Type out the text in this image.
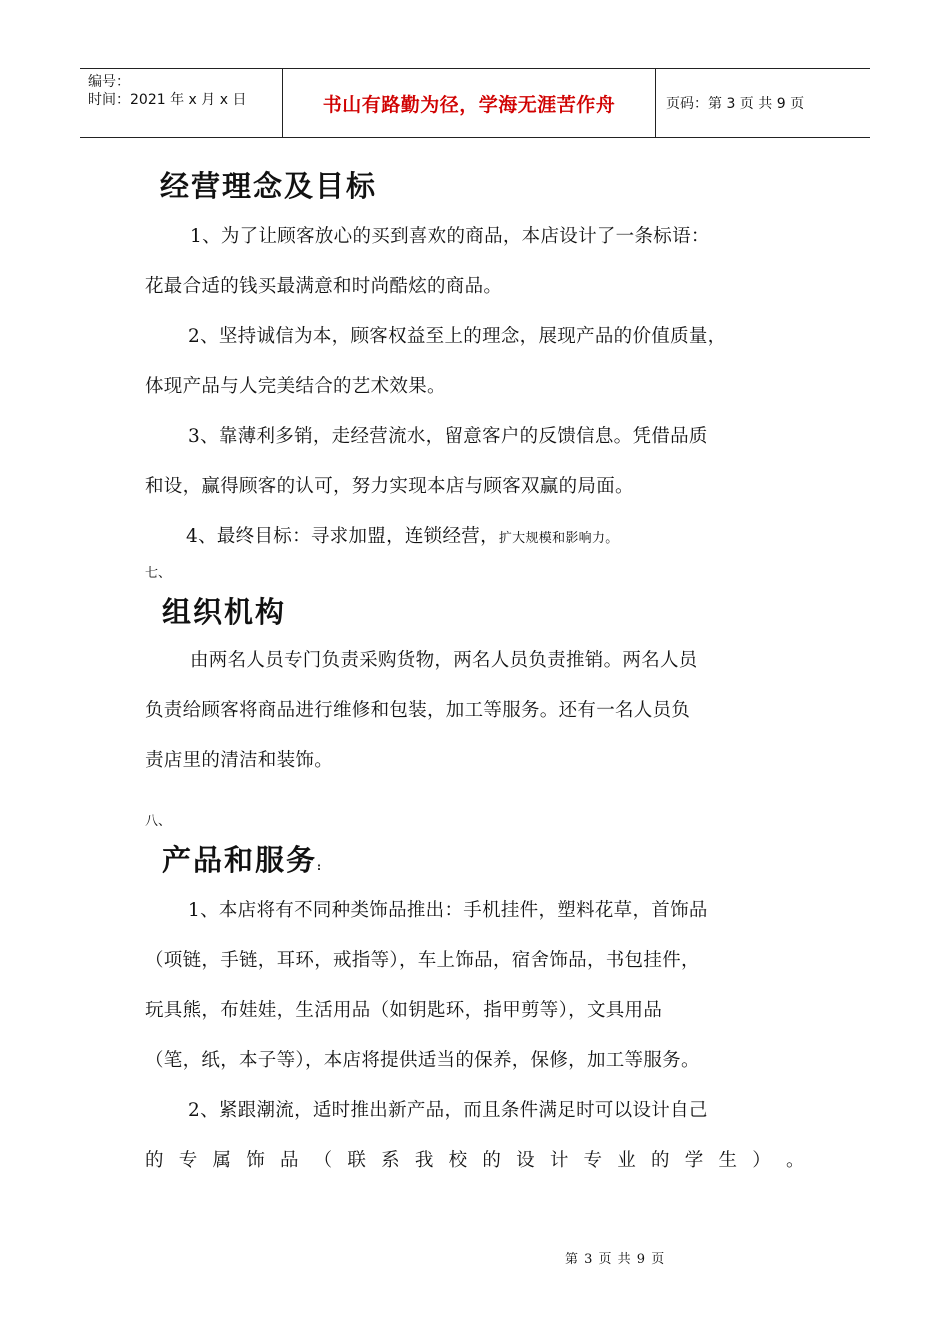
编号：
时间：2021 年 x 月 x 日	书山有路勤为径，学海无涯苦作舟	页码：第 3 页 共 9 页
经营理念及目标
1、为了让顾客放心的买到喜欢的商品，本店设计了一条标语：
花最合适的钱买最满意和时尚酷炫的商品。
2、坚持诚信为本，顾客权益至上的理念，展现产品的价值质量，
体现产品与人完美结合的艺术效果。
3、靠薄利多销，走经营流水，留意客户的反馈信息。凭借品质
和设，赢得顾客的认可，努力实现本店与顾客双赢的局面。
4、最终目标：寻求加盟，连锁经营，扩大规模和影响力。
七、
组织机构
由两名人员专门负责采购货物，两名人员负责推销。两名人员
负责给顾客将商品进行维修和包装，加工等服务。还有一名人员负
责店里的清洁和装饰。
八、
产品和服务:
1、本店将有不同种类饰品推出：手机挂件，塑料花草，首饰品
（项链，手链，耳环，戒指等），车上饰品，宿舍饰品，书包挂件，
玩具熊，布娃娃，生活用品（如钥匙环，指甲剪等），文具用品
（笔，纸，本子等），本店将提供适当的保养，保修，加工等服务。
2、紧跟潮流，适时推出新产品，而且条件满足时可以设计自己
的 专 属 饰 品 （ 联 系 我 校 的 设 计 专 业 的 学 生 ） 。
第 3 页 共 9 页
